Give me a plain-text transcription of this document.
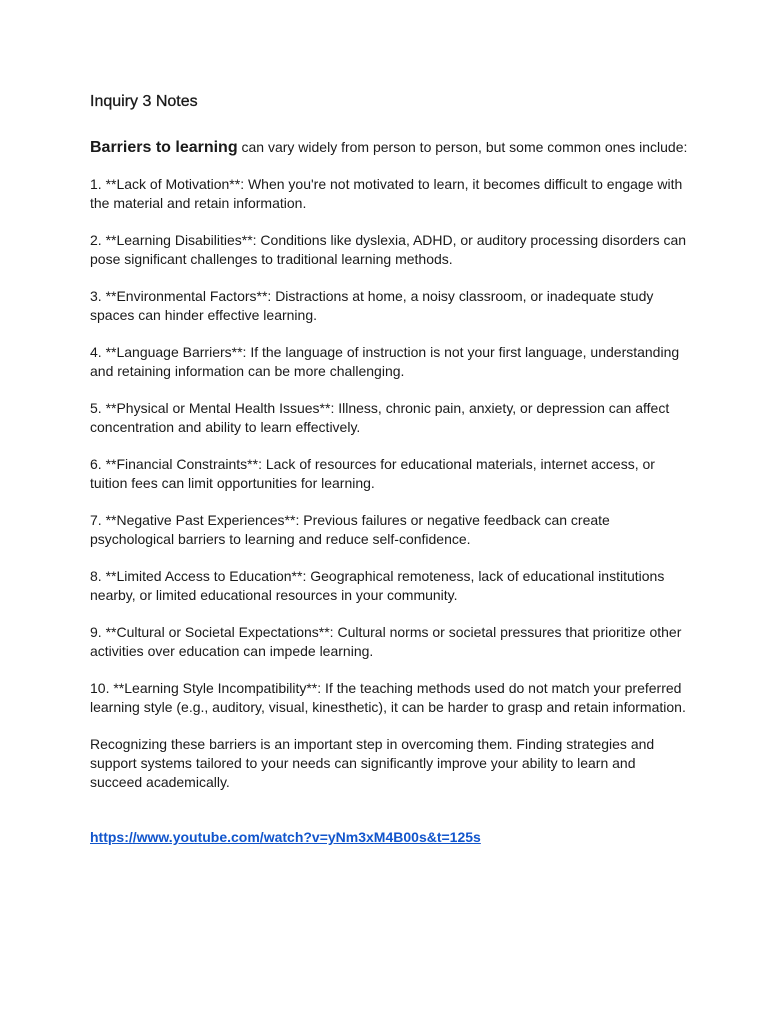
Inquiry 3 Notes

Barriers to learning can vary widely from person to person, but some common ones include:

1. **Lack of Motivation**: When you're not motivated to learn, it becomes difficult to engage with the material and retain information.

2. **Learning Disabilities**: Conditions like dyslexia, ADHD, or auditory processing disorders can pose significant challenges to traditional learning methods.

3. **Environmental Factors**: Distractions at home, a noisy classroom, or inadequate study spaces can hinder effective learning.

4. **Language Barriers**: If the language of instruction is not your first language, understanding and retaining information can be more challenging.

5. **Physical or Mental Health Issues**: Illness, chronic pain, anxiety, or depression can affect concentration and ability to learn effectively.

6. **Financial Constraints**: Lack of resources for educational materials, internet access, or tuition fees can limit opportunities for learning.

7. **Negative Past Experiences**: Previous failures or negative feedback can create psychological barriers to learning and reduce self-confidence.

8. **Limited Access to Education**: Geographical remoteness, lack of educational institutions nearby, or limited educational resources in your community.

9. **Cultural or Societal Expectations**: Cultural norms or societal pressures that prioritize other activities over education can impede learning.

10. **Learning Style Incompatibility**: If the teaching methods used do not match your preferred learning style (e.g., auditory, visual, kinesthetic), it can be harder to grasp and retain information.

Recognizing these barriers is an important step in overcoming them. Finding strategies and support systems tailored to your needs can significantly improve your ability to learn and succeed academically.

https://www.youtube.com/watch?v=yNm3xM4B00s&t=125s
